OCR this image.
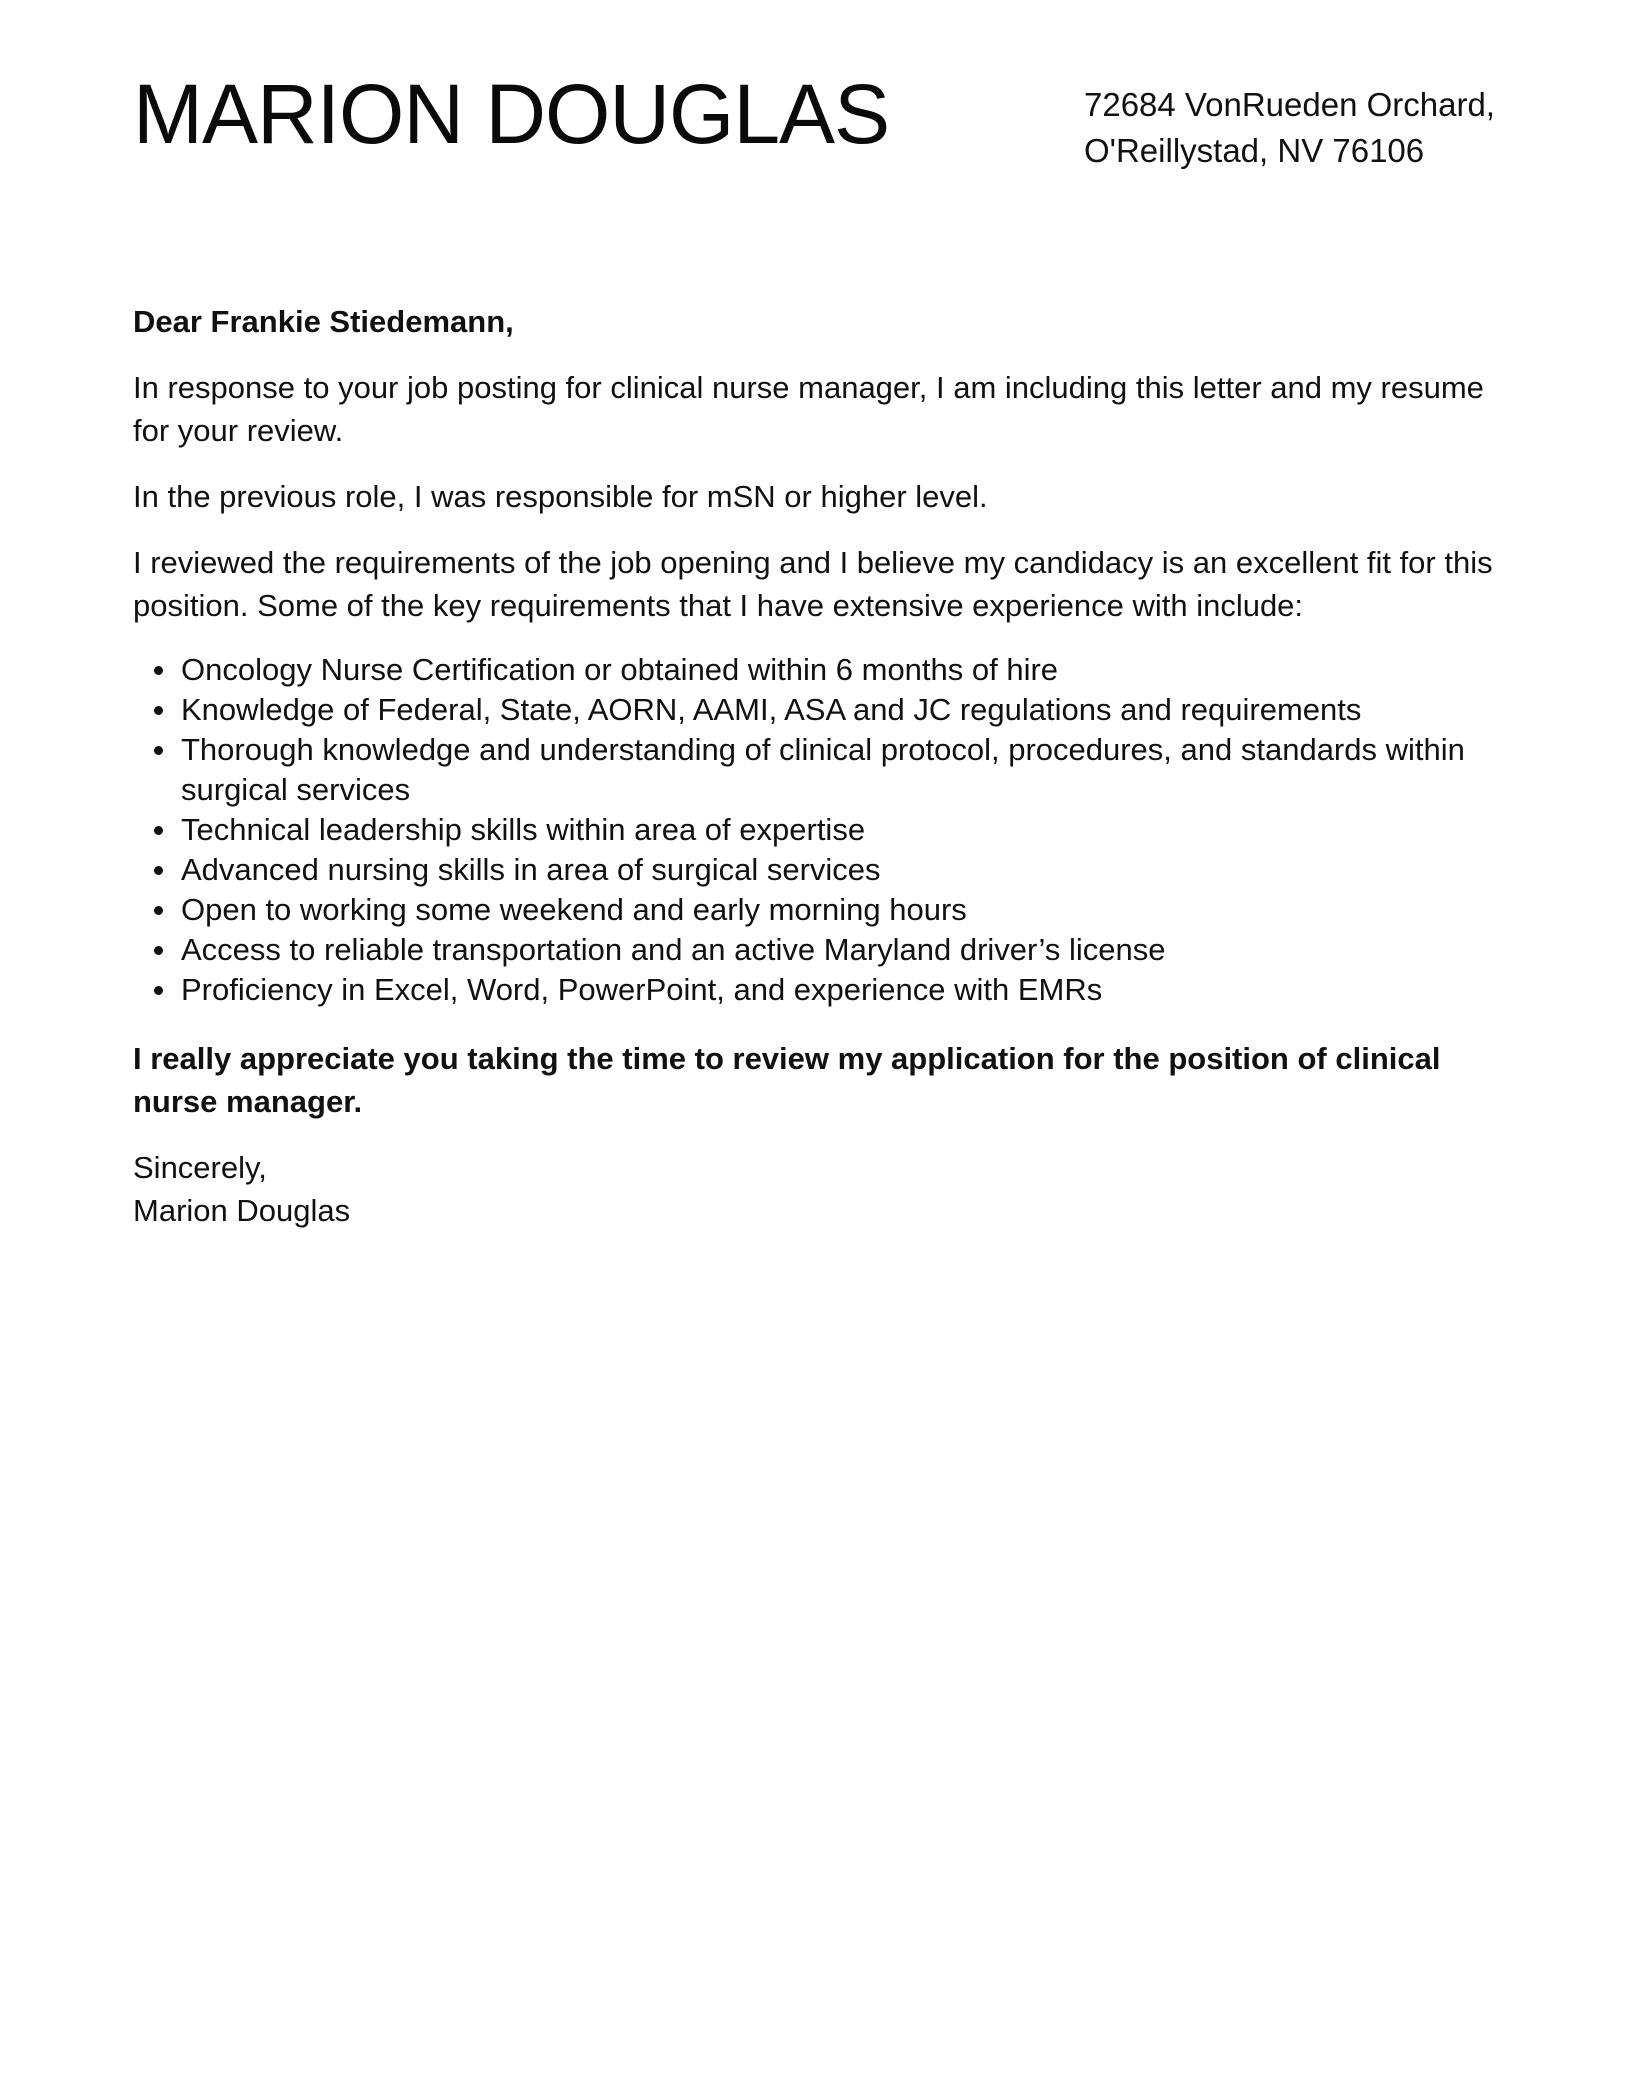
MARION DOUGLAS	72684 VonRueden Orchard,
O'Reillystad, NV 76106

Dear Frankie Stiedemann,

In response to your job posting for clinical nurse manager, I am including this letter and my resume for your review.

In the previous role, I was responsible for mSN or higher level.

I reviewed the requirements of the job opening and I believe my candidacy is an excellent fit for this position. Some of the key requirements that I have extensive experience with include:

Oncology Nurse Certification or obtained within 6 months of hire
Knowledge of Federal, State, AORN, AAMI, ASA and JC regulations and requirements
Thorough knowledge and understanding of clinical protocol, procedures, and standards within surgical services
Technical leadership skills within area of expertise
Advanced nursing skills in area of surgical services
Open to working some weekend and early morning hours
Access to reliable transportation and an active Maryland driver’s license
Proficiency in Excel, Word, PowerPoint, and experience with EMRs

I really appreciate you taking the time to review my application for the position of clinical nurse manager.

Sincerely,
Marion Douglas
